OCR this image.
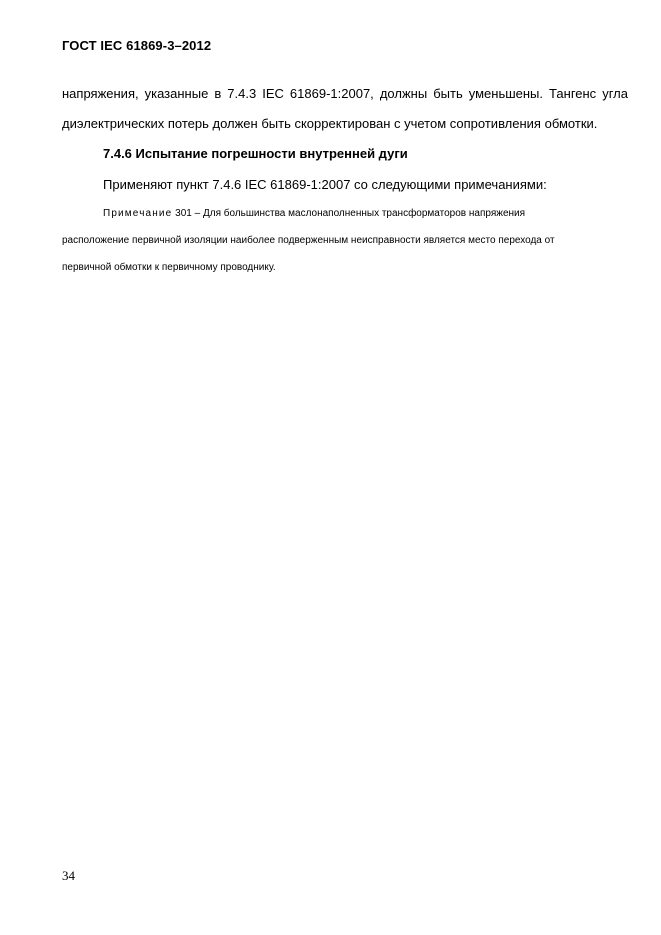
ГОСТ IEC 61869-3–2012
напряжения, указанные в 7.4.3 IEC 61869-1:2007, должны быть уменьшены. Тангенс угла
диэлектрических потерь должен быть скорректирован с учетом сопротивления обмотки.
7.4.6 Испытание погрешности внутренней дуги
Применяют пункт 7.4.6 IEC 61869-1:2007 со следующими примечаниями:
Примечание 301 – Для большинства маслонаполненных трансформаторов напряжения
расположение первичной изоляции наиболее подверженным неисправности является место перехода от
первичной обмотки к первичному проводнику.
34
